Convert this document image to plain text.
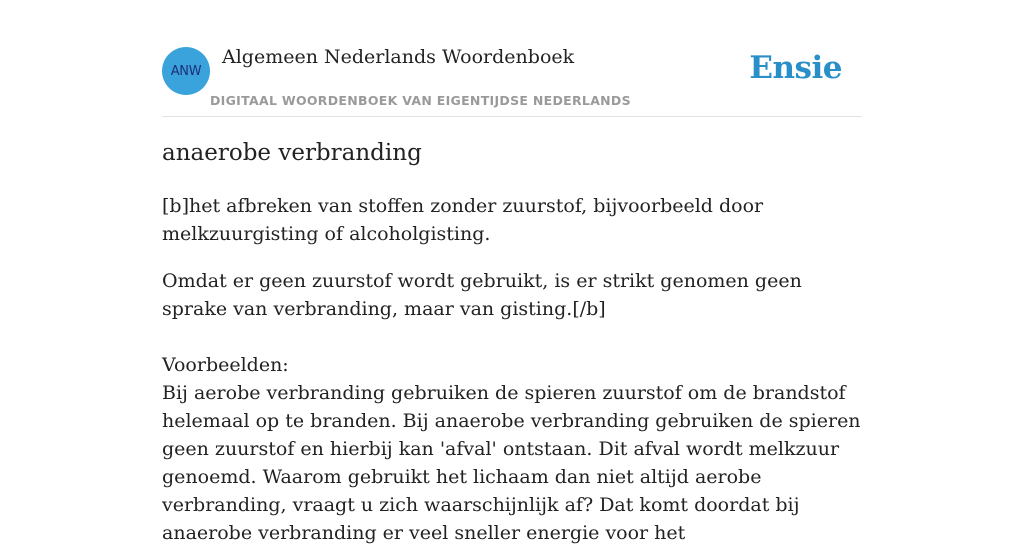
ANW
Algemeen Nederlands Woordenboek
DIGITAAL WOORDENBOEK VAN EIGENTIJDSE NEDERLANDS
Ensie
anaerobe verbranding

[b]het afbreken van stoffen zonder zuurstof, bijvoorbeeld door melkzuurgisting of alcoholgisting.

Omdat er geen zuurstof wordt gebruikt, is er strikt genomen geen sprake van verbranding, maar van gisting.[/b]

Voorbeelden:
Bij aerobe verbranding gebruiken de spieren zuurstof om de brandstof helemaal op te branden. Bij anaerobe verbranding gebruiken de spieren geen zuurstof en hierbij kan 'afval' ontstaan. Dit afval wordt melkzuur genoemd. Waarom gebruikt het lichaam dan niet altijd aerobe verbranding, vraagt u zich waarschijnlijk af? Dat komt doordat bij anaerobe verbranding er veel sneller energie voor het
